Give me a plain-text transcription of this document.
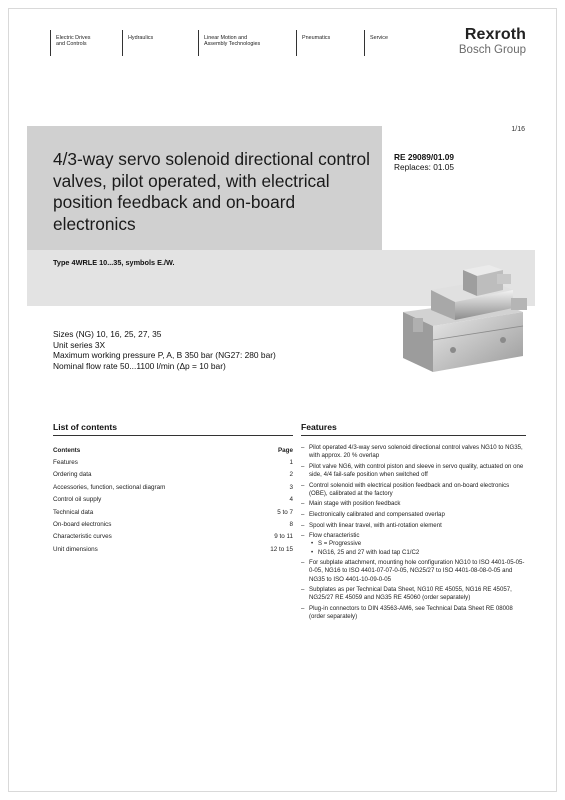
Electric Drives
and Controls
Hydraulics	Linear Motion and
Assembly Technologies
Pneumatics	Service	Rexroth
Bosch Group
1/16
4/3-way servo solenoid directional control valves, pilot operated, with electrical position feedback and on-board electronics
RE 29089/01.09
Replaces: 01.05
Type 4WRLE 10...35, symbols E./W.
Sizes (NG) 10, 16, 25, 27, 35
Unit series 3X
Maximum working pressure P, A, B 350 bar (NG27: 280 bar)
Nominal flow rate 50...1100 l/min (Δp = 10 bar)
List of contents	Features
Contents	Page
Features	1
Ordering data	2
Accessories, function, sectional diagram	3
Control oil supply	4
Technical data	5 to 7
On-board electronics	8
Characteristic curves	9 to 11
Unit dimensions	12 to 15
– Pilot operated 4/3-way servo solenoid directional control valves NG10 to NG35, with approx. 20 % overlap
– Pilot valve NG6, with control piston and sleeve in servo quality, actuated on one side, 4/4 fail-safe position when switched off
– Control solenoid with electrical position feedback and on-board electronics (OBE), calibrated at the factory
– Main stage with position feedback
– Electronically calibrated and compensated overlap
– Spool with linear travel, with anti-rotation element
– Flow characteristic
• S = Progressive
• NG16, 25 and 27 with load tap C1/C2
– For subplate attachment, mounting hole configuration NG10 to ISO 4401-05-05-0-05, NG16 to ISO 4401-07-07-0-05, NG25/27 to ISO 4401-08-08-0-05 and NG35 to ISO 4401-10-09-0-05
– Subplates as per Technical Data Sheet, NG10 RE 45055, NG16 RE 45057, NG25/27 RE 45059 and NG35 RE 45060 (order separately)
– Plug-in connectors to DIN 43563-AM6, see Technical Data Sheet RE 08008 (order separately)
